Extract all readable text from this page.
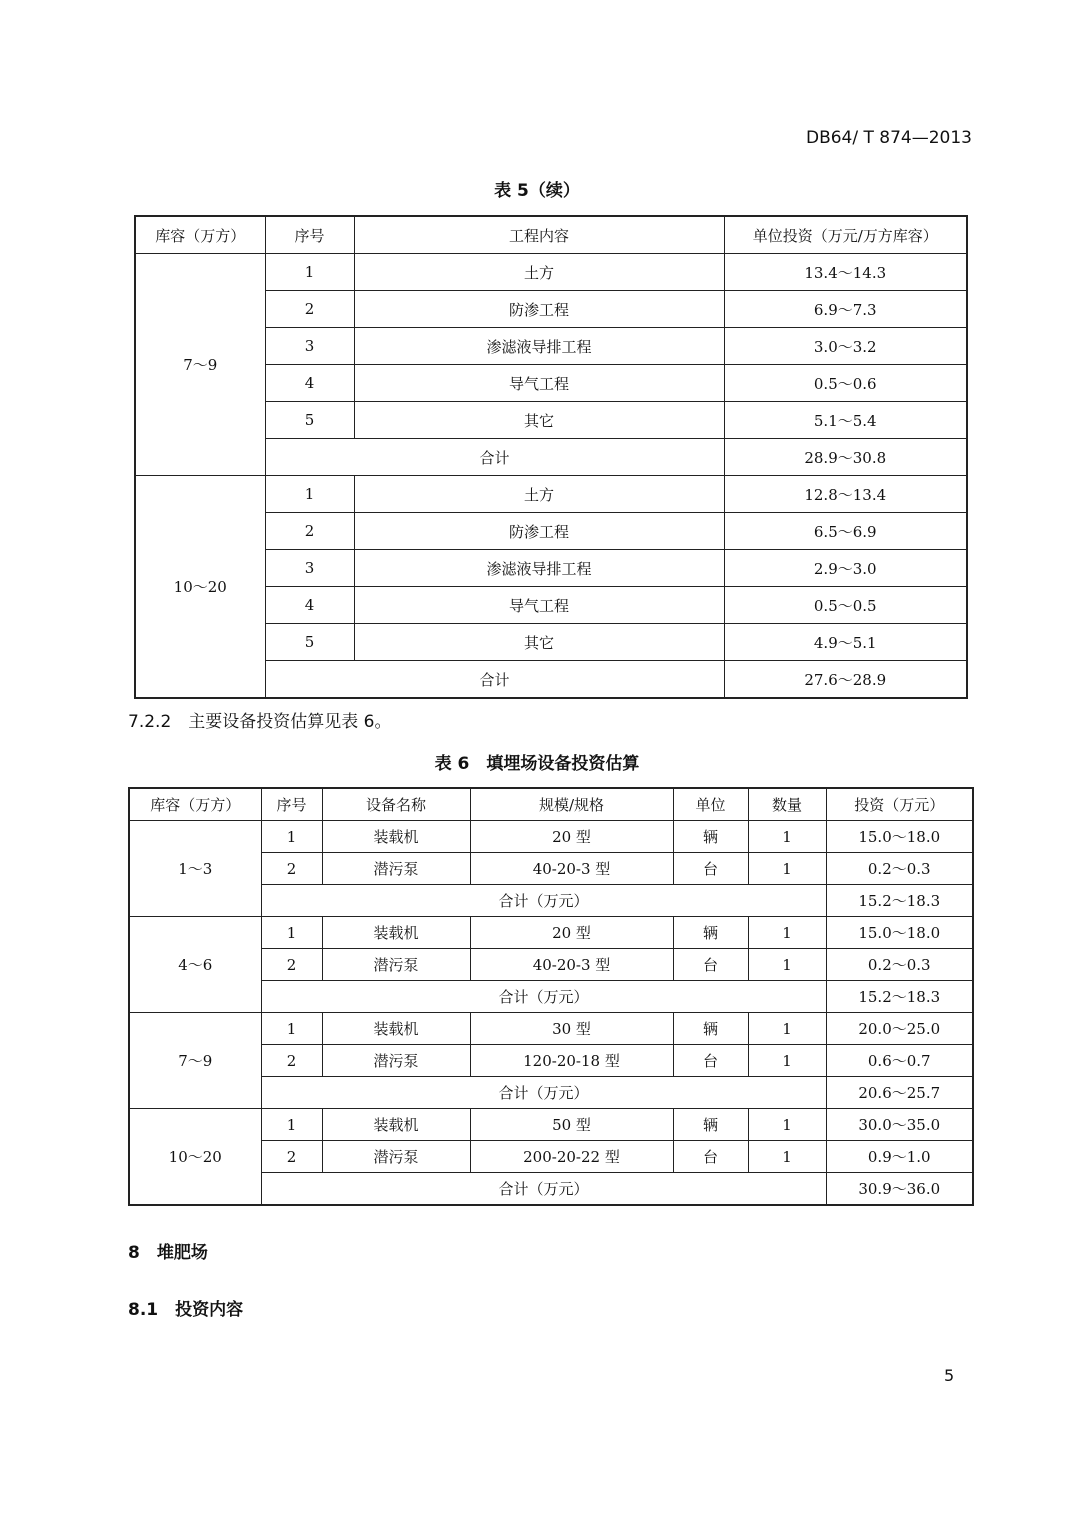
DB64/ T 874—2013
表 5（续）
库容（万方）	序号	工程内容	单位投资（万元/万方库容）
7～9	1	土方	13.4～14.3
	2	防渗工程	6.9～7.3
	3	渗滤液导排工程	3.0～3.2
	4	导气工程	0.5～0.6
	5	其它	5.1～5.4
	合计		28.9～30.8
10～20	1	土方	12.8～13.4
	2	防渗工程	6.5～6.9
	3	渗滤液导排工程	2.9～3.0
	4	导气工程	0.5～0.5
	5	其它	4.9～5.1
	合计		27.6～28.9
7.2.2　主要设备投资估算见表 6。
表 6　填埋场设备投资估算
库容（万方）	序号	设备名称	规模/规格	单位	数量	投资（万元）
1～3	1	装载机	20 型	辆	1	15.0～18.0
	2	潜污泵	40-20-3 型	台	1	0.2～0.3
	合计（万元）					15.2～18.3
4～6	1	装载机	20 型	辆	1	15.0～18.0
	2	潜污泵	40-20-3 型	台	1	0.2～0.3
	合计（万元）					15.2～18.3
7～9	1	装载机	30 型	辆	1	20.0～25.0
	2	潜污泵	120-20-18 型	台	1	0.6～0.7
	合计（万元）					20.6～25.7
10～20	1	装载机	50 型	辆	1	30.0～35.0
	2	潜污泵	200-20-22 型	台	1	0.9～1.0
	合计（万元）					30.9～36.0
8　堆肥场
8.1　投资内容
5
